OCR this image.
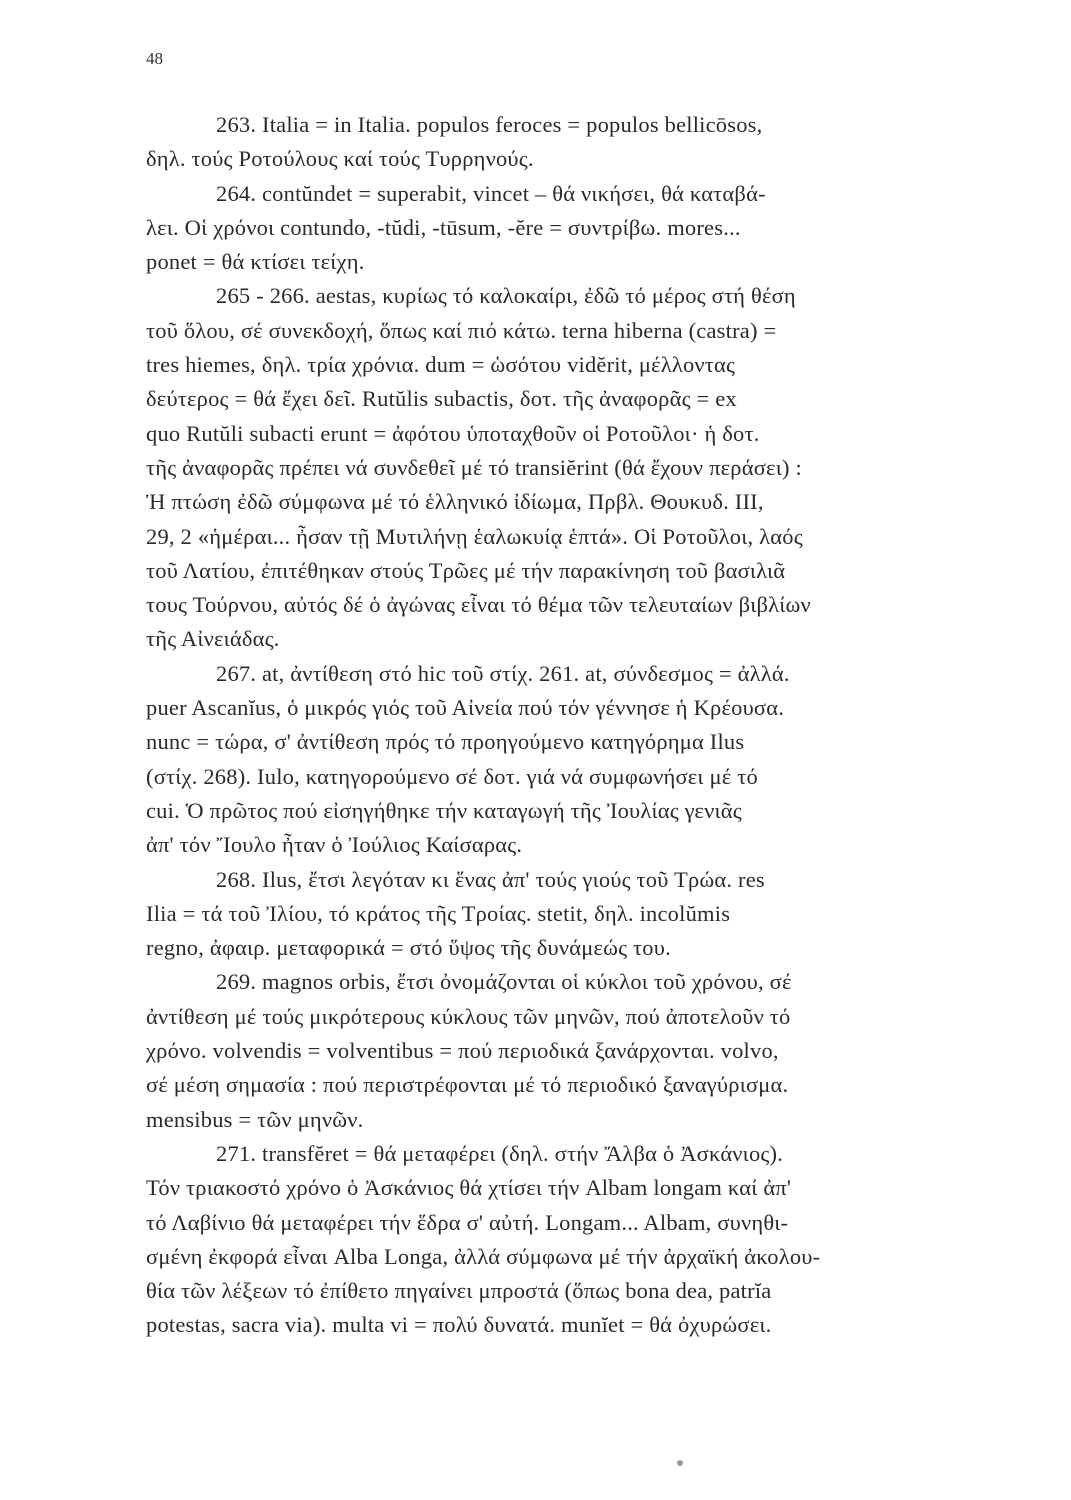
48
263. Italia = in Italia. populos feroces = populos bellicōsos,
δηλ. τούς Ροτούλους καί τούς Τυρρηνούς.
264. contŭndet = superabit, vincet – θά νικήσει, θά καταβά-
λει. Οἱ χρόνοι contundo, -tŭdi, -tūsum, -ĕre = συντρίβω. mores...
ponet = θά κτίσει τείχη.
265 - 266. aestas, κυρίως τό καλοκαίρι, ἐδῶ τό μέρος στή θέση
τοῦ ὅλου, σέ συνεκδοχή, ὅπως καί πιό κάτω. terna hiberna (castra) =
tres hiemes, δηλ. τρία χρόνια. dum = ὡσότου vidĕrit, μέλλοντας
δεύτερος = θά ἔχει δεῖ. Rutŭlis subactis, δοτ. τῆς ἀναφορᾶς = ex
quo Rutŭli subacti erunt = ἀφότου ὑποταχθοῦν οἱ Ροτοῦλοι· ἡ δοτ.
τῆς ἀναφορᾶς πρέπει νά συνδεθεῖ μέ τό transiĕrint (θά ἔχουν περάσει) :
Ἡ πτώση ἐδῶ σύμφωνα μέ τό ἑλληνικό ἰδίωμα, Πρβλ. Θουκυδ. III,
29, 2 «ἡμέραι... ἦσαν τῇ Μυτιλήνῃ ἑαλωκυίᾳ ἑπτά». Οἱ Ροτοῦλοι, λαός
τοῦ Λατίου, ἐπιτέθηκαν στούς Τρῶες μέ τήν παρακίνηση τοῦ βασιλιᾶ
τους Τούρνου, αὐτός δέ ὁ ἀγώνας εἶναι τό θέμα τῶν τελευταίων βιβλίων
τῆς Αἰνειάδας.
267. at, ἀντίθεση στό hic τοῦ στίχ. 261. at, σύνδεσμος = ἀλλά.
puer Ascanĭus, ὁ μικρός γιός τοῦ Αἰνεία πού τόν γέννησε ἡ Κρέουσα.
nunc = τώρα, σ' ἀντίθεση πρός τό προηγούμενο κατηγόρημα Ilus
(στίχ. 268). Iulo, κατηγορούμενο σέ δοτ. γιά νά συμφωνήσει μέ τό
cui. Ὁ πρῶτος πού εἰσηγήθηκε τήν καταγωγή τῆς Ἰουλίας γενιᾶς
ἀπ' τόν Ἴουλο ἦταν ὁ Ἰούλιος Καίσαρας.
268. Ilus, ἔτσι λεγόταν κι ἕνας ἀπ' τούς γιούς τοῦ Τρώα. res
Ilia = τά τοῦ Ἰλίου, τό κράτος τῆς Τροίας. stetit, δηλ. incolŭmis
regno, ἀφαιρ. μεταφορικά = στό ὕψος τῆς δυνάμεώς του.
269. magnos orbis, ἔτσι ὀνομάζονται οἱ κύκλοι τοῦ χρόνου, σέ
ἀντίθεση μέ τούς μικρότερους κύκλους τῶν μηνῶν, πού ἀποτελοῦν τό
χρόνο. volvendis = volventibus = πού περιοδικά ξανάρχονται. volvo,
σέ μέση σημασία : πού περιστρέφονται μέ τό περιοδικό ξαναγύρισμα.
mensibus = τῶν μηνῶν.
271. transfĕret = θά μεταφέρει (δηλ. στήν Ἄλβα ὁ Ἀσκάνιος).
Τόν τριακοστό χρόνο ὁ Ἀσκάνιος θά χτίσει τήν Albam longam καί ἀπ'
τό Λαβίνιο θά μεταφέρει τήν ἕδρα σ' αὐτή. Longam... Albam, συνηθι-
σμένη ἐκφορά εἶναι Alba Longa, ἀλλά σύμφωνα μέ τήν ἀρχαϊκή ἀκολου-
θία τῶν λέξεων τό ἐπίθετο πηγαίνει μπροστά (ὅπως bona dea, patrĭa
potestas, sacra via). multa vi = πολύ δυνατά. munĭet = θά ὀχυρώσει.
